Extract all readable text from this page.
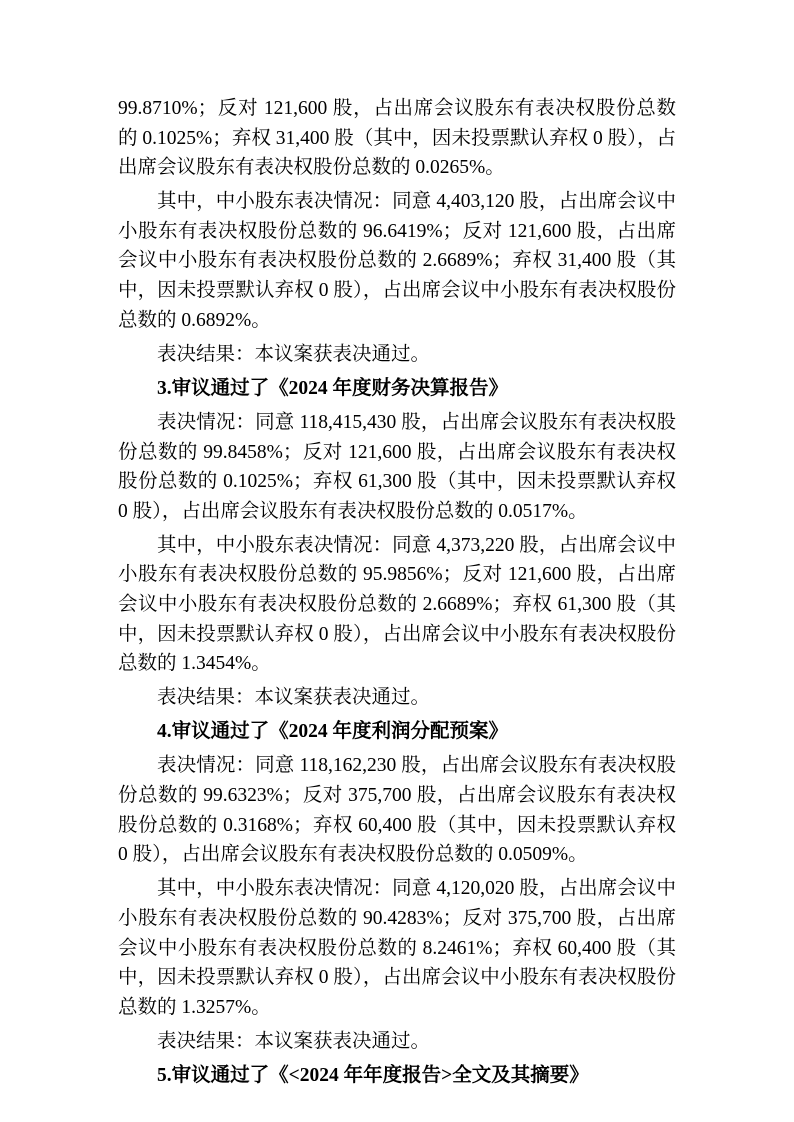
99.8710%；反对 121,600 股，占出席会议股东有表决权股份总数的 0.1025%；弃权 31,400 股（其中，因未投票默认弃权 0 股），占出席会议股东有表决权股份总数的 0.0265%。

其中，中小股东表决情况：同意 4,403,120 股，占出席会议中小股东有表决权股份总数的 96.6419%；反对 121,600 股，占出席会议中小股东有表决权股份总数的 2.6689%；弃权 31,400 股（其中，因未投票默认弃权 0 股），占出席会议中小股东有表决权股份总数的 0.6892%。

表决结果：本议案获表决通过。

3.审议通过了《2024 年度财务决算报告》

表决情况：同意 118,415,430 股，占出席会议股东有表决权股份总数的 99.8458%；反对 121,600 股，占出席会议股东有表决权股份总数的 0.1025%；弃权 61,300 股（其中，因未投票默认弃权 0 股），占出席会议股东有表决权股份总数的 0.0517%。

其中，中小股东表决情况：同意 4,373,220 股，占出席会议中小股东有表决权股份总数的 95.9856%；反对 121,600 股，占出席会议中小股东有表决权股份总数的 2.6689%；弃权 61,300 股（其中，因未投票默认弃权 0 股），占出席会议中小股东有表决权股份总数的 1.3454%。

表决结果：本议案获表决通过。

4.审议通过了《2024 年度利润分配预案》

表决情况：同意 118,162,230 股，占出席会议股东有表决权股份总数的 99.6323%；反对 375,700 股，占出席会议股东有表决权股份总数的 0.3168%；弃权 60,400 股（其中，因未投票默认弃权 0 股），占出席会议股东有表决权股份总数的 0.0509%。

其中，中小股东表决情况：同意 4,120,020 股，占出席会议中小股东有表决权股份总数的 90.4283%；反对 375,700 股，占出席会议中小股东有表决权股份总数的 8.2461%；弃权 60,400 股（其中，因未投票默认弃权 0 股），占出席会议中小股东有表决权股份总数的 1.3257%。

表决结果：本议案获表决通过。

5.审议通过了《<2024 年年度报告>全文及其摘要》
